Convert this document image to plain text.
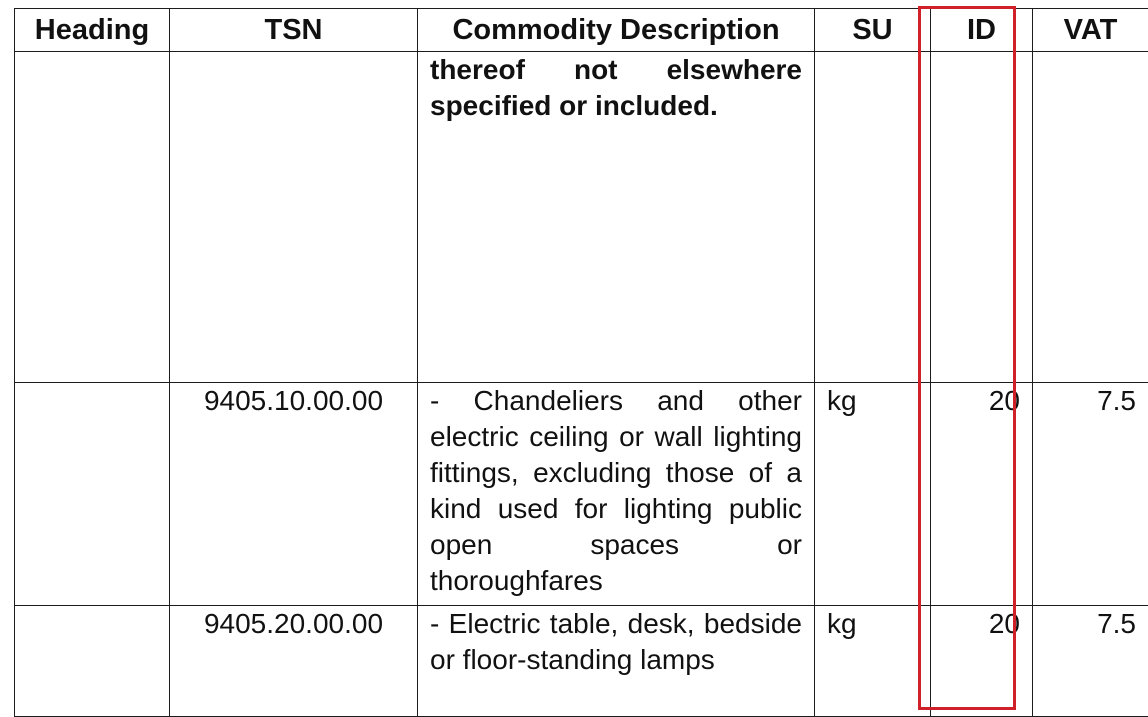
Heading	TSN	Commodity Description	SU	ID	VAT
		thereof not elsewhere specified or included.			
	9405.10.00.00	- Chandeliers and other electric ceiling or wall lighting fittings, excluding those of a kind used for lighting public open spaces or thoroughfares	kg	20	7.5
	9405.20.00.00	- Electric table, desk, bedside or floor-standing lamps	kg	20	7.5
